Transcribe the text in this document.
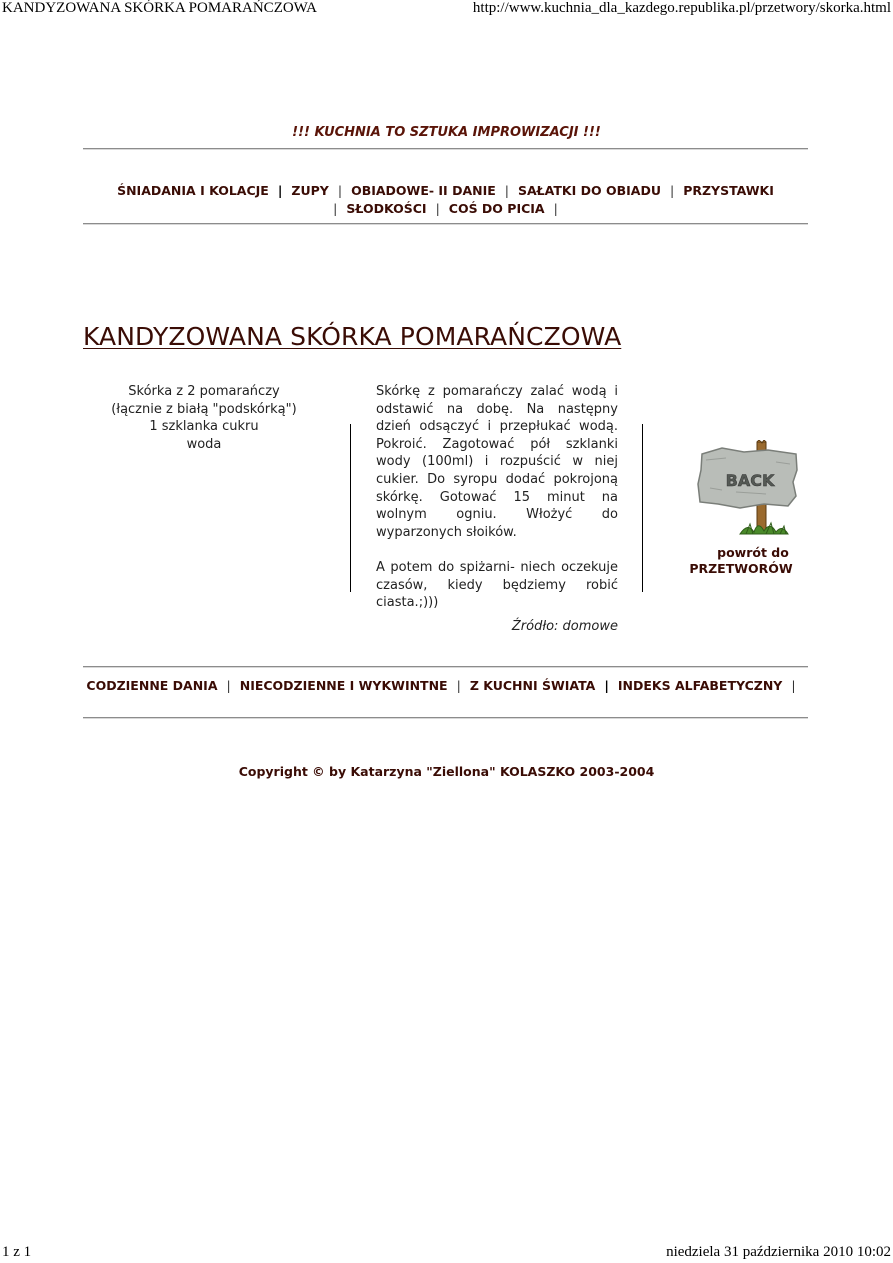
KANDYZOWANA SKÓRKA POMARAŃCZOWA	http://www.kuchnia_dla_kazdego.republika.pl/przetwory/skorka.html
1 z 1	niedziela 31 października 2010 10:02
!!! KUCHNIA TO SZTUKA IMPROWIZACJI !!!
ŚNIADANIA I KOLACJE | ZUPY | OBIADOWE- II DANIE | SAŁATKI DO OBIADU | PRZYSTAWKI
| SŁODKOŚCI | COŚ DO PICIA |
KANDYZOWANA SKÓRKA POMARAŃCZOWA
Skórka z 2 pomarańczy
(łącznie z białą "podskórką")
1 szklanka cukru
woda

Skórkę z pomarańczy zalać wodą i odstawić na dobę. Na następny dzień odsączyć i przepłukać wodą. Pokroić. Zagotować pół szklanki wody (100ml) i rozpuścić w niej cukier. Do syropu dodać pokrojoną skórkę. Gotować 15 minut na wolnym ogniu. Włożyć do wyparzonych słoików.

A potem do spiżarni- niech oczekuje czasów, kiedy będziemy robić ciasta.;)))

Źródło: domowe
BACK
powrót do
PRZETWORÓW
CODZIENNE DANIA | NIECODZIENNE I WYKWINTNE | Z KUCHNI ŚWIATA | INDEKS ALFABETYCZNY |
Copyright © by Katarzyna "Ziellona" KOLASZKO 2003-2004
